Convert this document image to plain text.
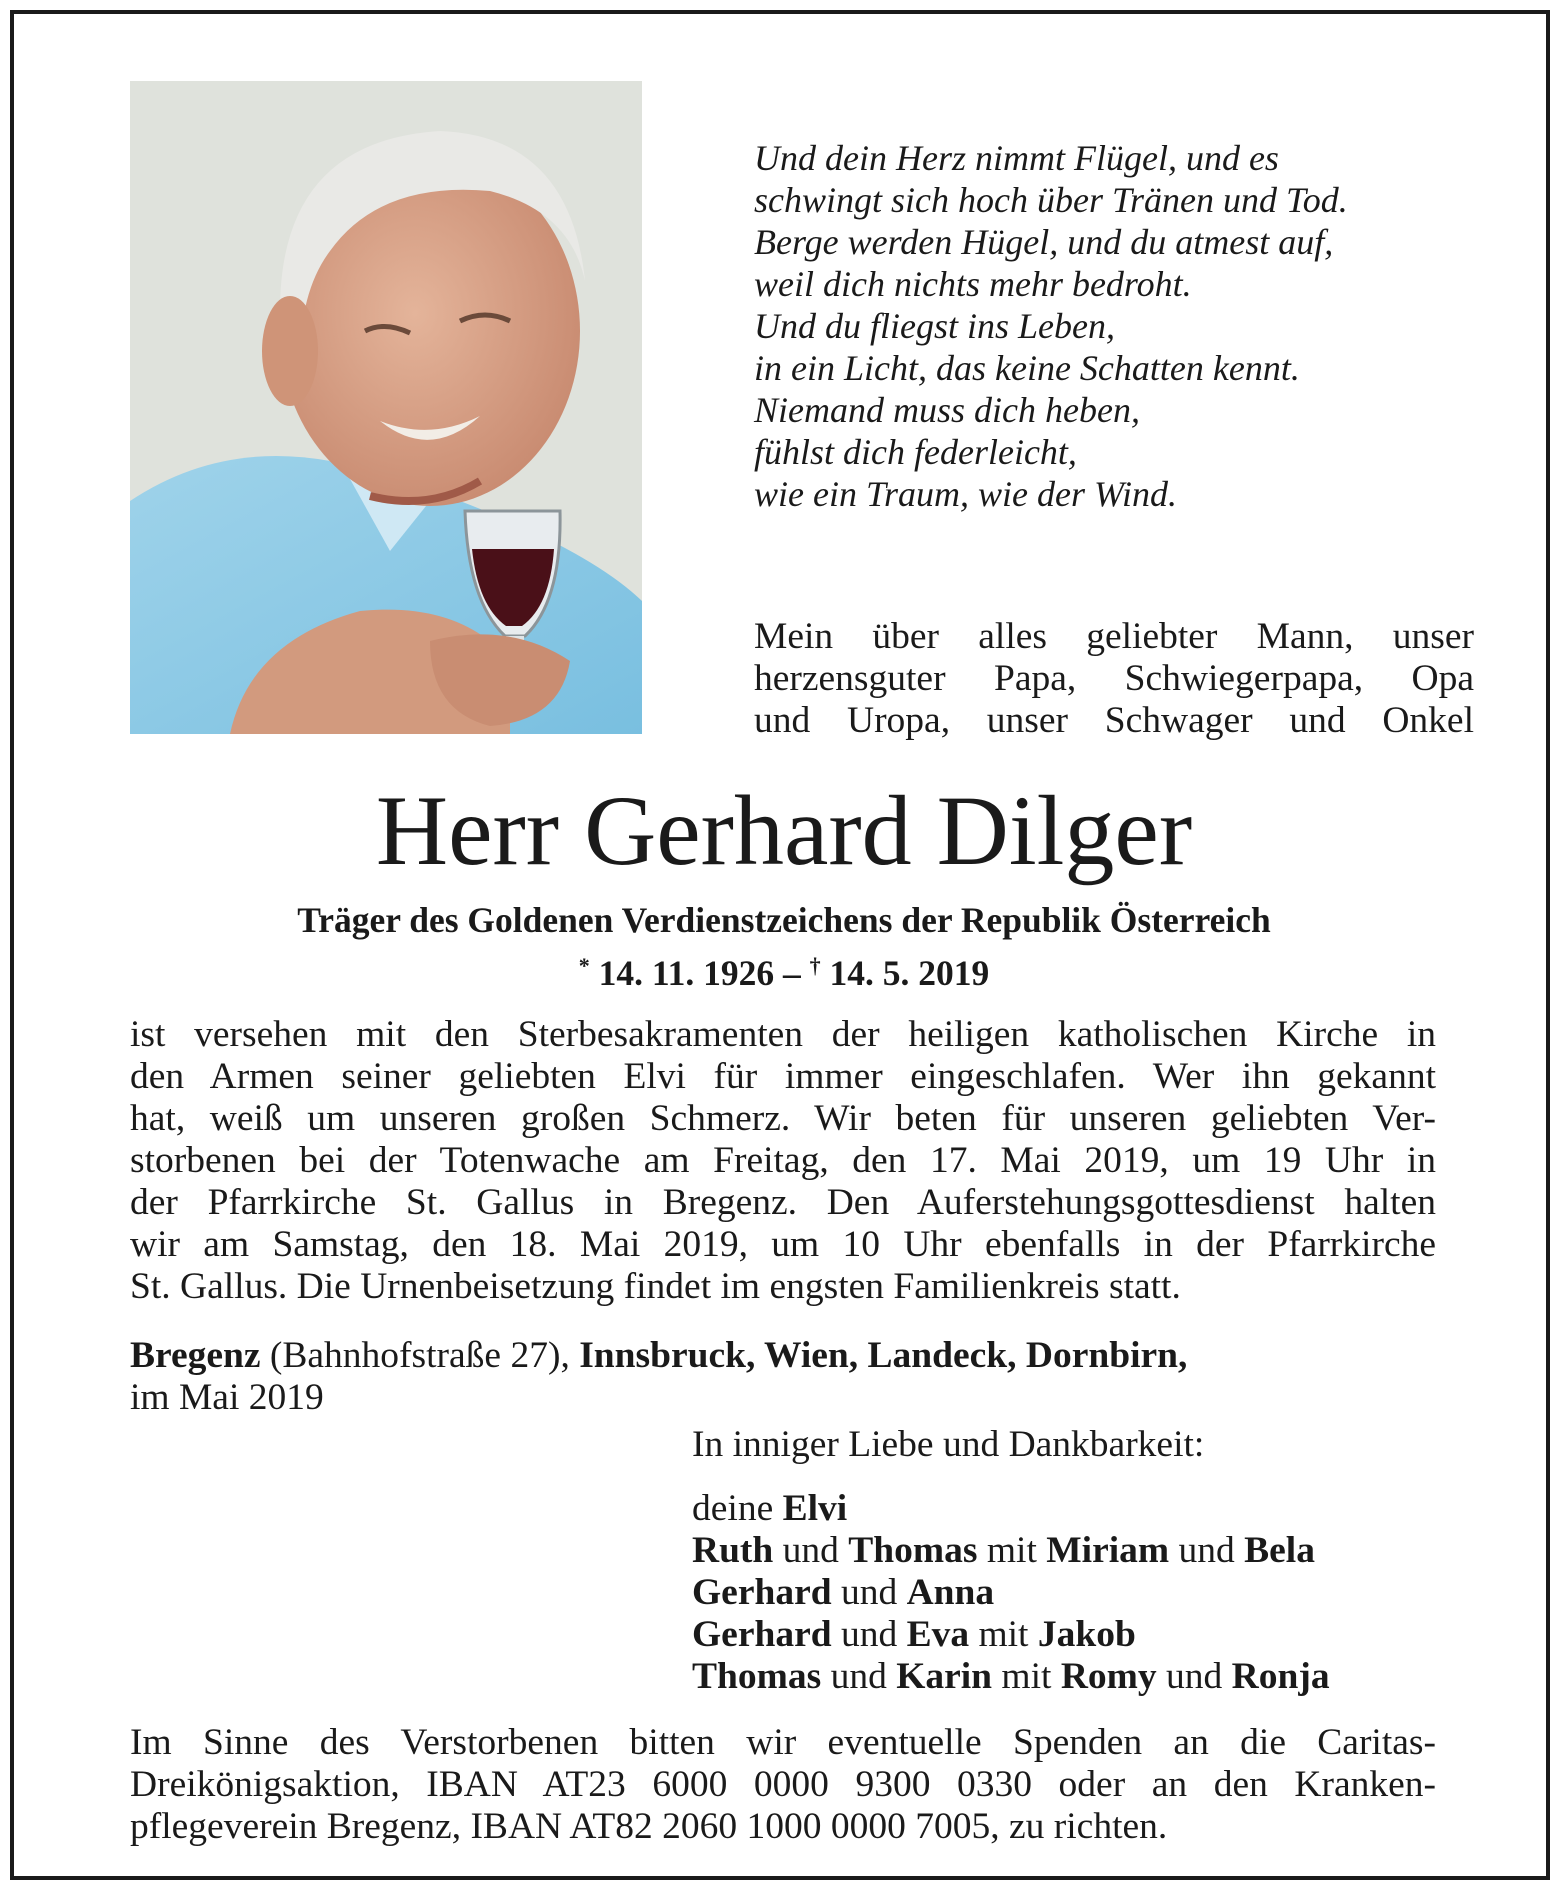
Und dein Herz nimmt Flügel, und es
schwingt sich hoch über Tränen und Tod.
Berge werden Hügel, und du atmest auf,
weil dich nichts mehr bedroht.
Und du fliegst ins Leben,
in ein Licht, das keine Schatten kennt.
Niemand muss dich heben,
fühlst dich federleicht,
wie ein Traum, wie der Wind.
Mein über alles geliebter Mann, unser
herzensguter Papa, Schwiegerpapa, Opa
und Uropa, unser Schwager und Onkel
Herr Gerhard Dilger
Träger des Goldenen Verdienstzeichens der Republik Österreich
* 14. 11. 1926 – † 14. 5. 2019
ist versehen mit den Sterbesakramenten der heiligen katholischen Kirche in
den Armen seiner geliebten Elvi für immer eingeschlafen. Wer ihn gekannt
hat, weiß um unseren großen Schmerz. Wir beten für unseren geliebten Ver-
storbenen bei der Totenwache am Freitag, den 17. Mai 2019, um 19 Uhr in
der Pfarrkirche St. Gallus in Bregenz. Den Auferstehungsgottesdienst halten
wir am Samstag, den 18. Mai 2019, um 10 Uhr ebenfalls in der Pfarrkirche
St. Gallus. Die Urnenbeisetzung findet im engsten Familienkreis statt.
Bregenz (Bahnhofstraße 27), Innsbruck, Wien, Landeck, Dornbirn,
im Mai 2019
In inniger Liebe und Dankbarkeit:
deine Elvi
Ruth und Thomas mit Miriam und Bela
Gerhard und Anna
Gerhard und Eva mit Jakob
Thomas und Karin mit Romy und Ronja
Im Sinne des Verstorbenen bitten wir eventuelle Spenden an die Caritas-
Dreikönigsaktion, IBAN AT23 6000 0000 9300 0330 oder an den Kranken-
pflegeverein Bregenz, IBAN AT82 2060 1000 0000 7005, zu richten.
